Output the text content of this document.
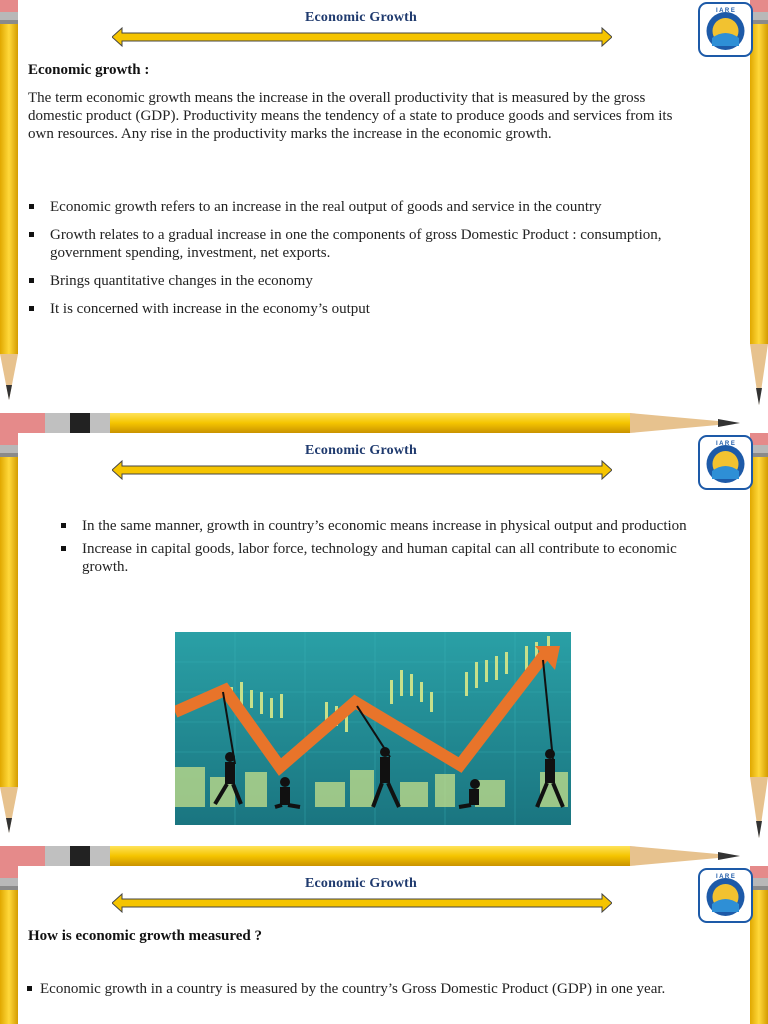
Economic Growth	I A R E
Economic growth :

The term economic growth means the increase in the overall productivity that is measured by the gross domestic product (GDP). Productivity means the tendency of a state to produce goods and services from its own resources. Any rise in the productivity marks the increase in the economic growth.

Economic growth refers to an increase in the real output of goods and service in the country
Growth relates to a gradual increase in one the components of gross Domestic Product : consumption, government spending, investment, net exports.
Brings quantitative changes in the economy
It is concerned with increase in the economy’s output
Economic Growth	I A R E
In the same manner, growth in country’s economic means increase in physical output and production
Increase in capital goods, labor force, technology and human capital can all contribute to economic growth.
Economic Growth	I A R E
How is economic growth measured ?
Economic growth in a country is measured by the country’s Gross Domestic Product (GDP) in one year.
